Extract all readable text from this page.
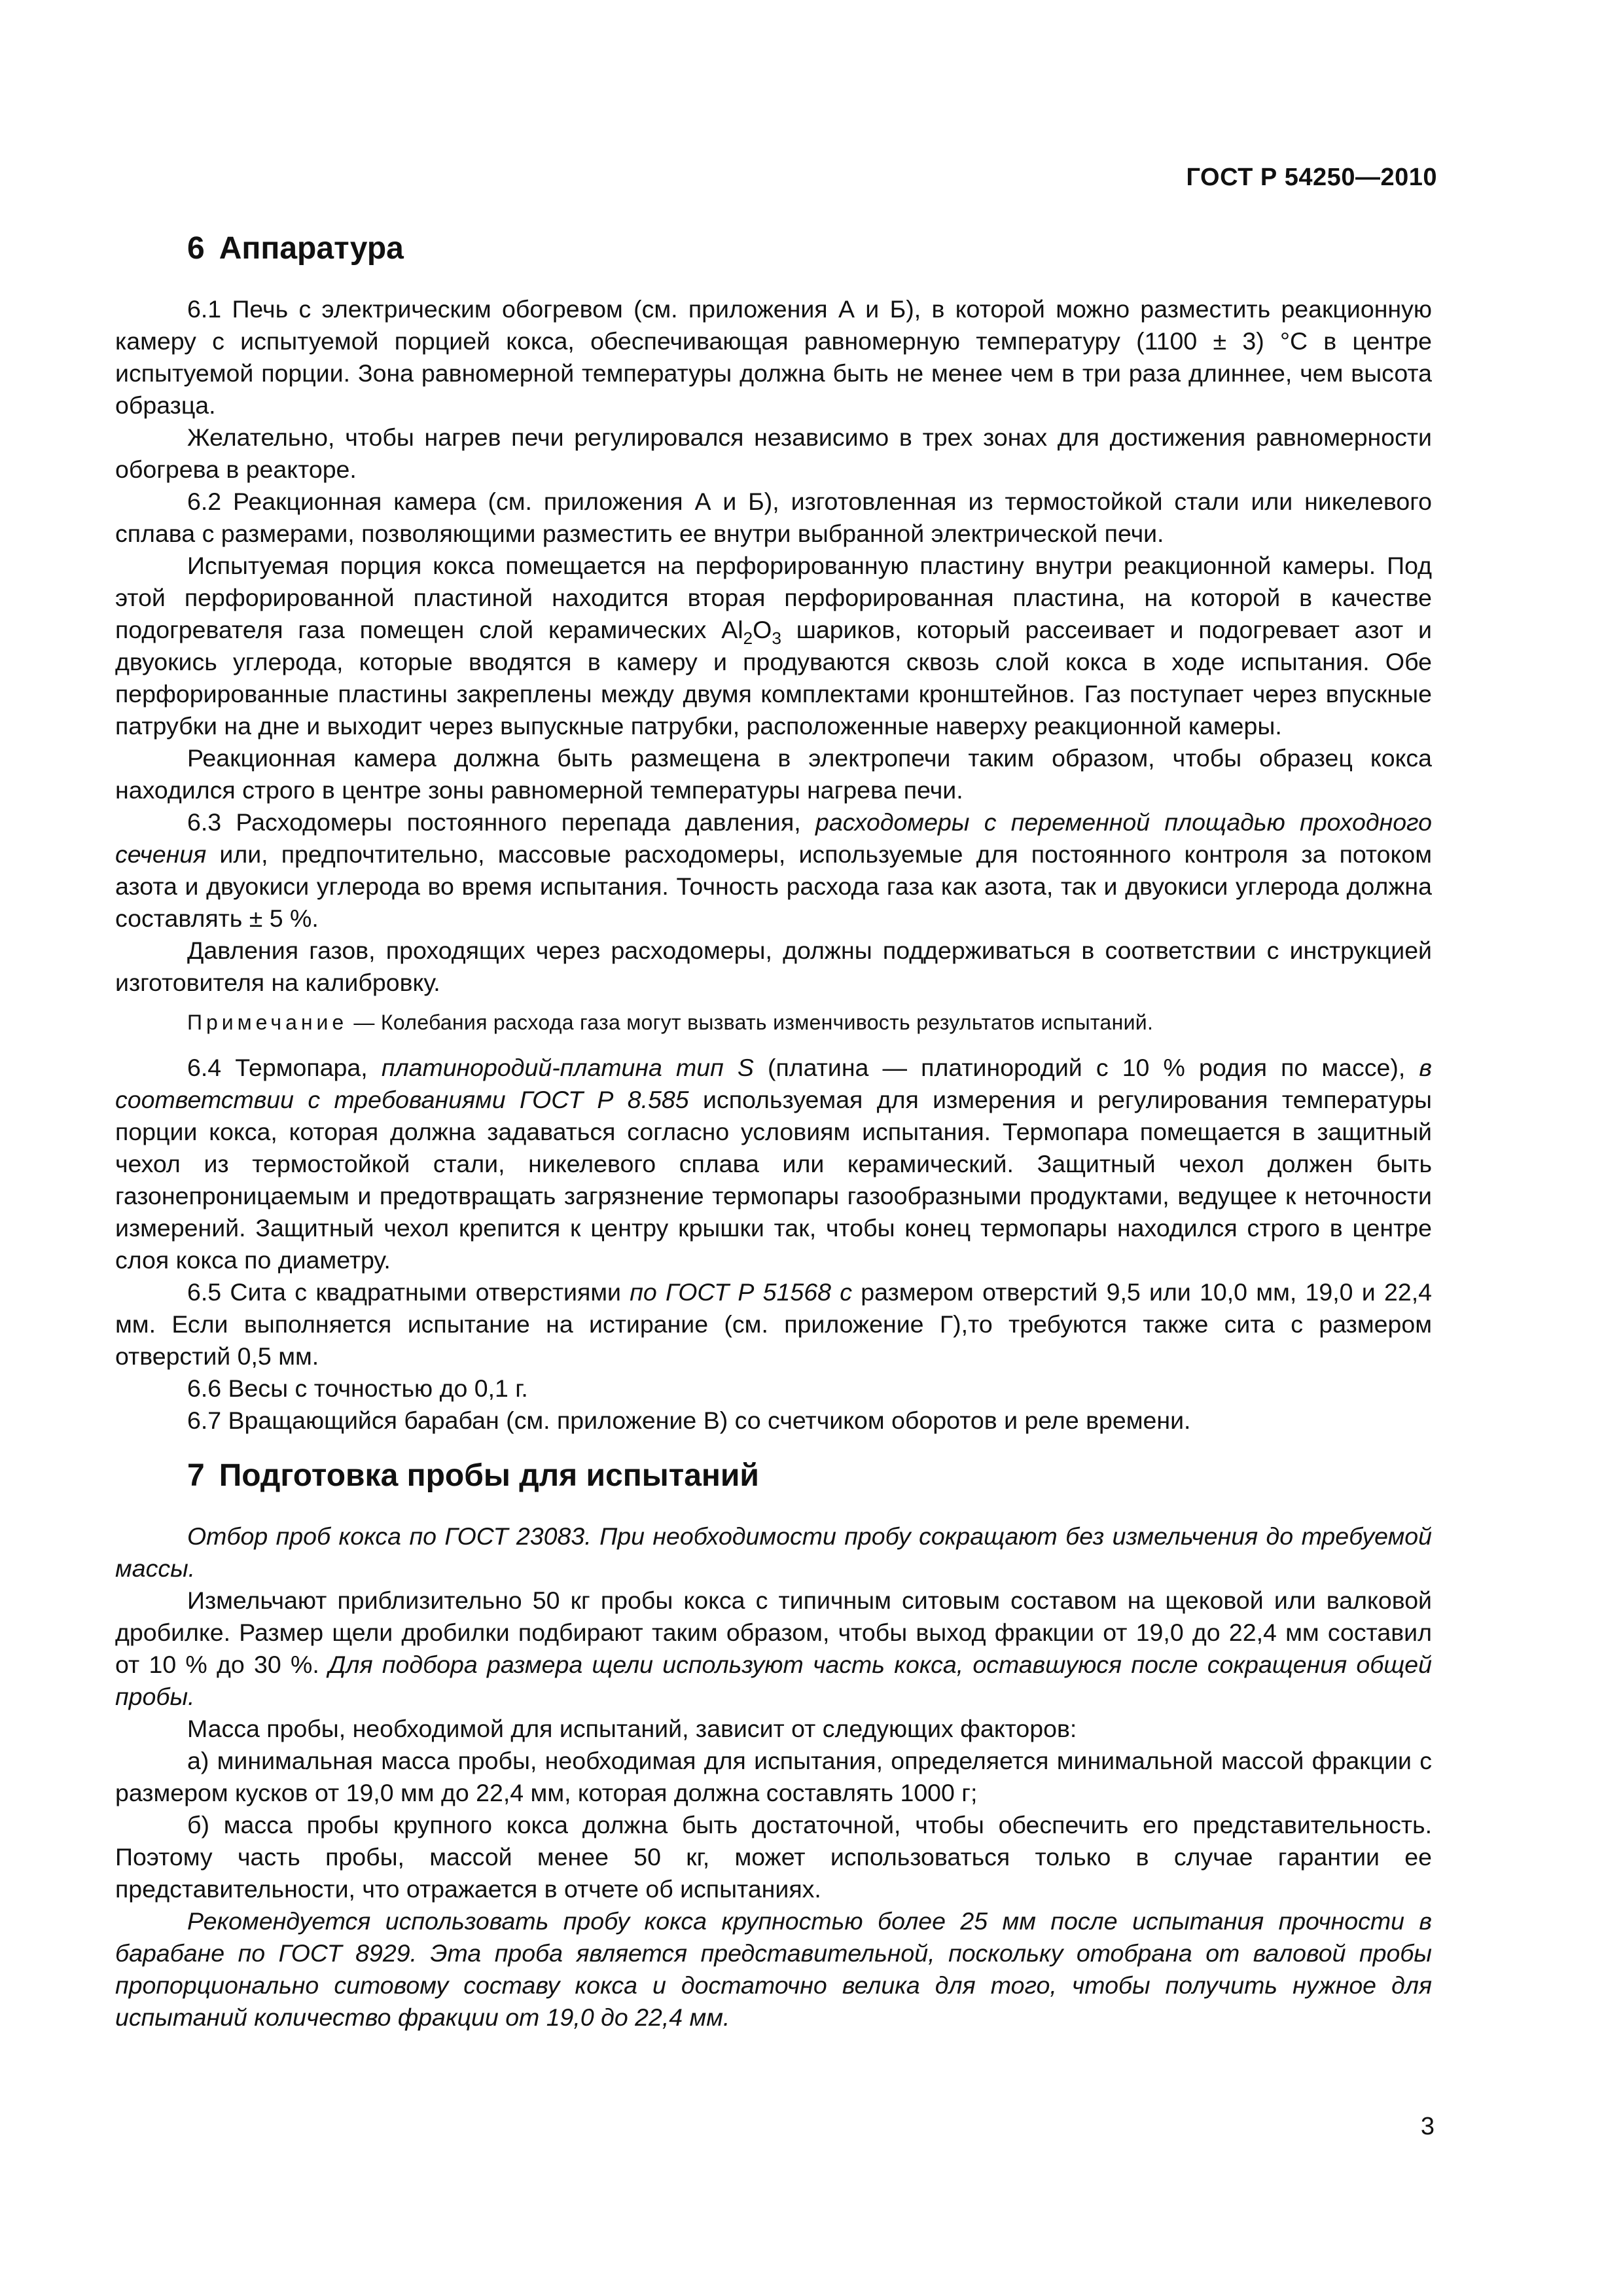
ГОСТ Р 54250—2010
6 Аппаратура

6.1 Печь с электрическим обогревом (см. приложения А и Б), в которой можно разместить реакционную камеру с испытуемой порцией кокса, обеспечивающая равномерную температуру (1100 ± 3) °С в центре испытуемой порции. Зона равномерной температуры должна быть не менее чем в три раза длиннее, чем высота образца.

Желательно, чтобы нагрев печи регулировался независимо в трех зонах для достижения равномерности обогрева в реакторе.

6.2 Реакционная камера (см. приложения А и Б), изготовленная из термостойкой стали или никелевого сплава с размерами, позволяющими разместить ее внутри выбранной электрической печи.

Испытуемая порция кокса помещается на перфорированную пластину внутри реакционной камеры. Под этой перфорированной пластиной находится вторая перфорированная пластина, на которой в качестве подогревателя газа помещен слой керамических $Al_2O_3$ шариков, который рассеивает и подогревает азот и двуокись углерода, которые вводятся в камеру и продуваются сквозь слой кокса в ходе испытания. Обе перфорированные пластины закреплены между двумя комплектами кронштейнов. Газ поступает через впускные патрубки на дне и выходит через выпускные патрубки, расположенные наверху реакционной камеры.

Реакционная камера должна быть размещена в электропечи таким образом, чтобы образец кокса находился строго в центре зоны равномерной температуры нагрева печи.

6.3 Расходомеры постоянного перепада давления, расходомеры с переменной площадью проходного сечения или, предпочтительно, массовые расходомеры, используемые для постоянного контроля за потоком азота и двуокиси углерода во время испытания. Точность расхода газа как азота, так и двуокиси углерода должна составлять ± 5 %.

Давления газов, проходящих через расходомеры, должны поддерживаться в соответствии с инструкцией изготовителя на калибровку.

Примечание — Колебания расхода газа могут вызвать изменчивость результатов испытаний.

6.4 Термопара, платинородий-платина тип S (платина — платинородий с 10 % родия по массе), в соответствии с требованиями ГОСТ Р 8.585 используемая для измерения и регулирования температуры порции кокса, которая должна задаваться согласно условиям испытания. Термопара помещается в защитный чехол из термостойкой стали, никелевого сплава или керамический. Защитный чехол должен быть газонепроницаемым и предотвращать загрязнение термопары газообразными продуктами, ведущее к неточности измерений. Защитный чехол крепится к центру крышки так, чтобы конец термопары находился строго в центре слоя кокса по диаметру.

6.5 Сита с квадратными отверстиями по ГОСТ Р 51568 с размером отверстий 9,5 или 10,0 мм, 19,0 и 22,4 мм. Если выполняется испытание на истирание (см. приложение Г),то требуются также сита с размером отверстий 0,5 мм.

6.6 Весы с точностью до 0,1 г.

6.7 Вращающийся барабан (см. приложение В) со счетчиком оборотов и реле времени.

7 Подготовка пробы для испытаний

Отбор проб кокса по ГОСТ 23083. При необходимости пробу сокращают без измельчения до требуемой массы.

Измельчают приблизительно 50 кг пробы кокса с типичным ситовым составом на щековой или валковой дробилке. Размер щели дробилки подбирают таким образом, чтобы выход фракции от 19,0 до 22,4 мм составил от 10 % до 30 %. Для подбора размера щели используют часть кокса, оставшуюся после сокращения общей пробы.

Масса пробы, необходимой для испытаний, зависит от следующих факторов:

а) минимальная масса пробы, необходимая для испытания, определяется минимальной массой фракции с размером кусков от 19,0 мм до 22,4 мм, которая должна составлять 1000 г;

б) масса пробы крупного кокса должна быть достаточной, чтобы обеспечить его представительность. Поэтому часть пробы, массой менее 50 кг, может использоваться только в случае гарантии ее представительности, что отражается в отчете об испытаниях.

Рекомендуется использовать пробу кокса крупностью более 25 мм после испытания прочности в барабане по ГОСТ 8929. Эта проба является представительной, поскольку отобрана от валовой пробы пропорционально ситовому составу кокса и достаточно велика для того, чтобы получить нужное для испытаний количество фракции от 19,0 до 22,4 мм.

3
